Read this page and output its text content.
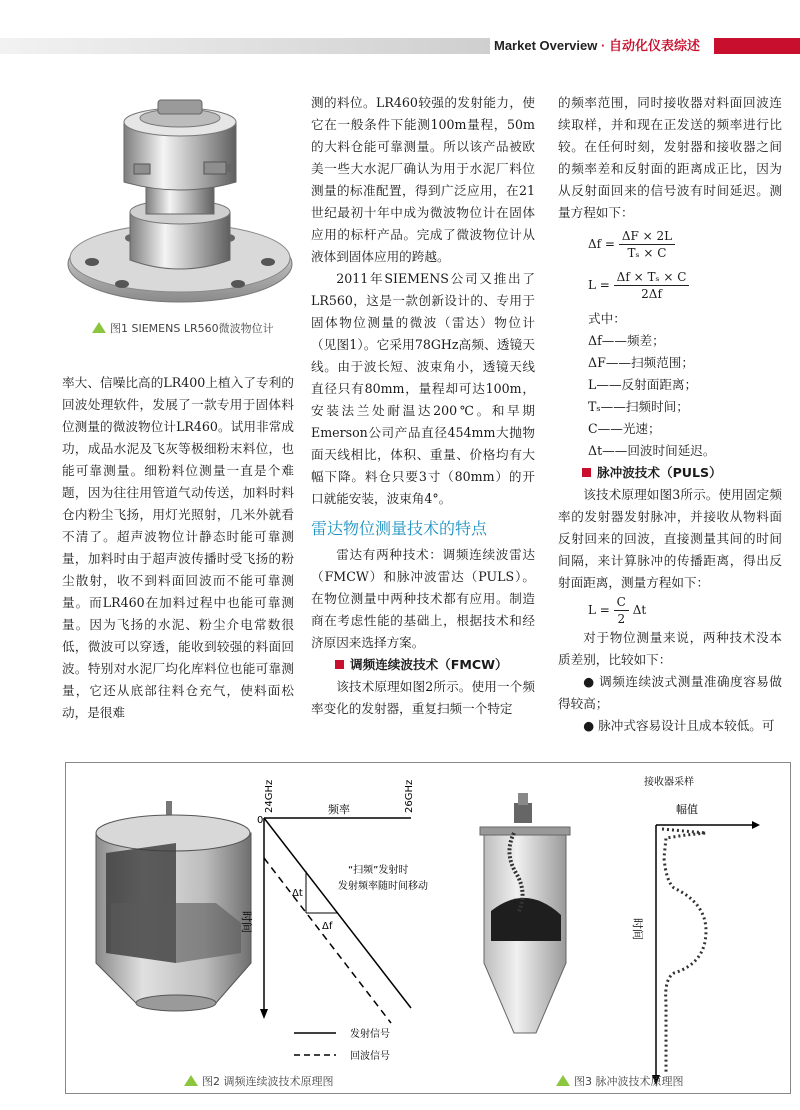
Market Overview · 自动化仪表综述
图1 SIEMENS LR560微波物位计

率大、信噪比高的LR400上植入了专利的回波处理软件，发展了一款专用于固体料位测量的微波物位计LR460。试用非常成功，成品水泥及飞灰等极细粉末料位，也能可靠测量。细粉料位测量一直是个难题，因为往往用管道气动传送，加料时料仓内粉尘飞扬，用灯光照射，几米外就看不清了。超声波物位计静态时能可靠测量，加料时由于超声波传播时受飞扬的粉尘散射，收不到料面回波而不能可靠测量。而LR460在加料过程中也能可靠测量。因为飞扬的水泥、粉尘介电常数很低，微波可以穿透，能收到较强的料面回波。特别对水泥厂均化库料位也能可靠测量，它还从底部往料仓充气，使料面松动，是很难

测的料位。LR460较强的发射能力，使它在一般条件下能测100m量程，50m的大料仓能可靠测量。所以该产品被欧美一些大水泥厂确认为用于水泥厂料位测量的标准配置，得到广泛应用，在21世纪最初十年中成为微波物位计在固体应用的标杆产品。完成了微波物位计从液体到固体应用的跨越。

2011年SIEMENS公司又推出了LR560，这是一款创新设计的、专用于固体物位测量的微波（雷达）物位计（见图1）。它采用78GHz高频、透镜天线。由于波长短、波束角小，透镜天线直径只有80mm，量程却可达100m，安装法兰处耐温达200℃。和早期Emerson公司产品直径454mm大抛物面天线相比，体积、重量、价格均有大幅下降。料仓只要3寸（80mm）的开口就能安装，波束角4°。

雷达物位测量技术的特点

雷达有两种技术：调频连续波雷达（FMCW）和脉冲波雷达（PULS）。在物位测量中两种技术都有应用。制造商在考虑性能的基础上，根据技术和经济原因来选择方案。

调频连续波技术（FMCW）

该技术原理如图2所示。使用一个频率变化的发射器，重复扫频一个特定

的频率范围，同时接收器对料面回波连续取样，并和现在正发送的频率进行比较。在任何时刻，发射器和接收器之间的频率差和反射面的距离成正比，因为从反射面回来的信号波有时间延迟。测量方程如下：

$\Delta f = \frac{\Delta F \times 2L}{\text{Tₛ × C}}$
$L = \frac{\text{Δf × Tₛ × C}}{2\Delta f}$

式中：

Δf——频差；

ΔF——扫频范围；

L——反射面距离；

Tₛ——扫频时间；

C——光速；

Δt——回波时间延迟。

脉冲波技术（PULS）

该技术原理如图3所示。使用固定频率的发射器发射脉冲，并接收从物料面反射回来的回波，直接测量其间的时间间隔，来计算脉冲的传播距离，得出反射面距离，测量方程如下：

$L = \frac{C}{2}$ Δt

对于物位测量来说，两种技术没本质差别，比较如下：

● 调频连续波式测量准确度容易做得较高；

● 脉冲式容易设计且成本较低。可

24GHz	26GHz
频率
0
时间
“扫频”发射时
发射频率随时间移动
Δt
Δf
发射信号
回波信号
接收器采样
幅值
时间
图2 调频连续波技术原理图	图3 脉冲波技术原理图
